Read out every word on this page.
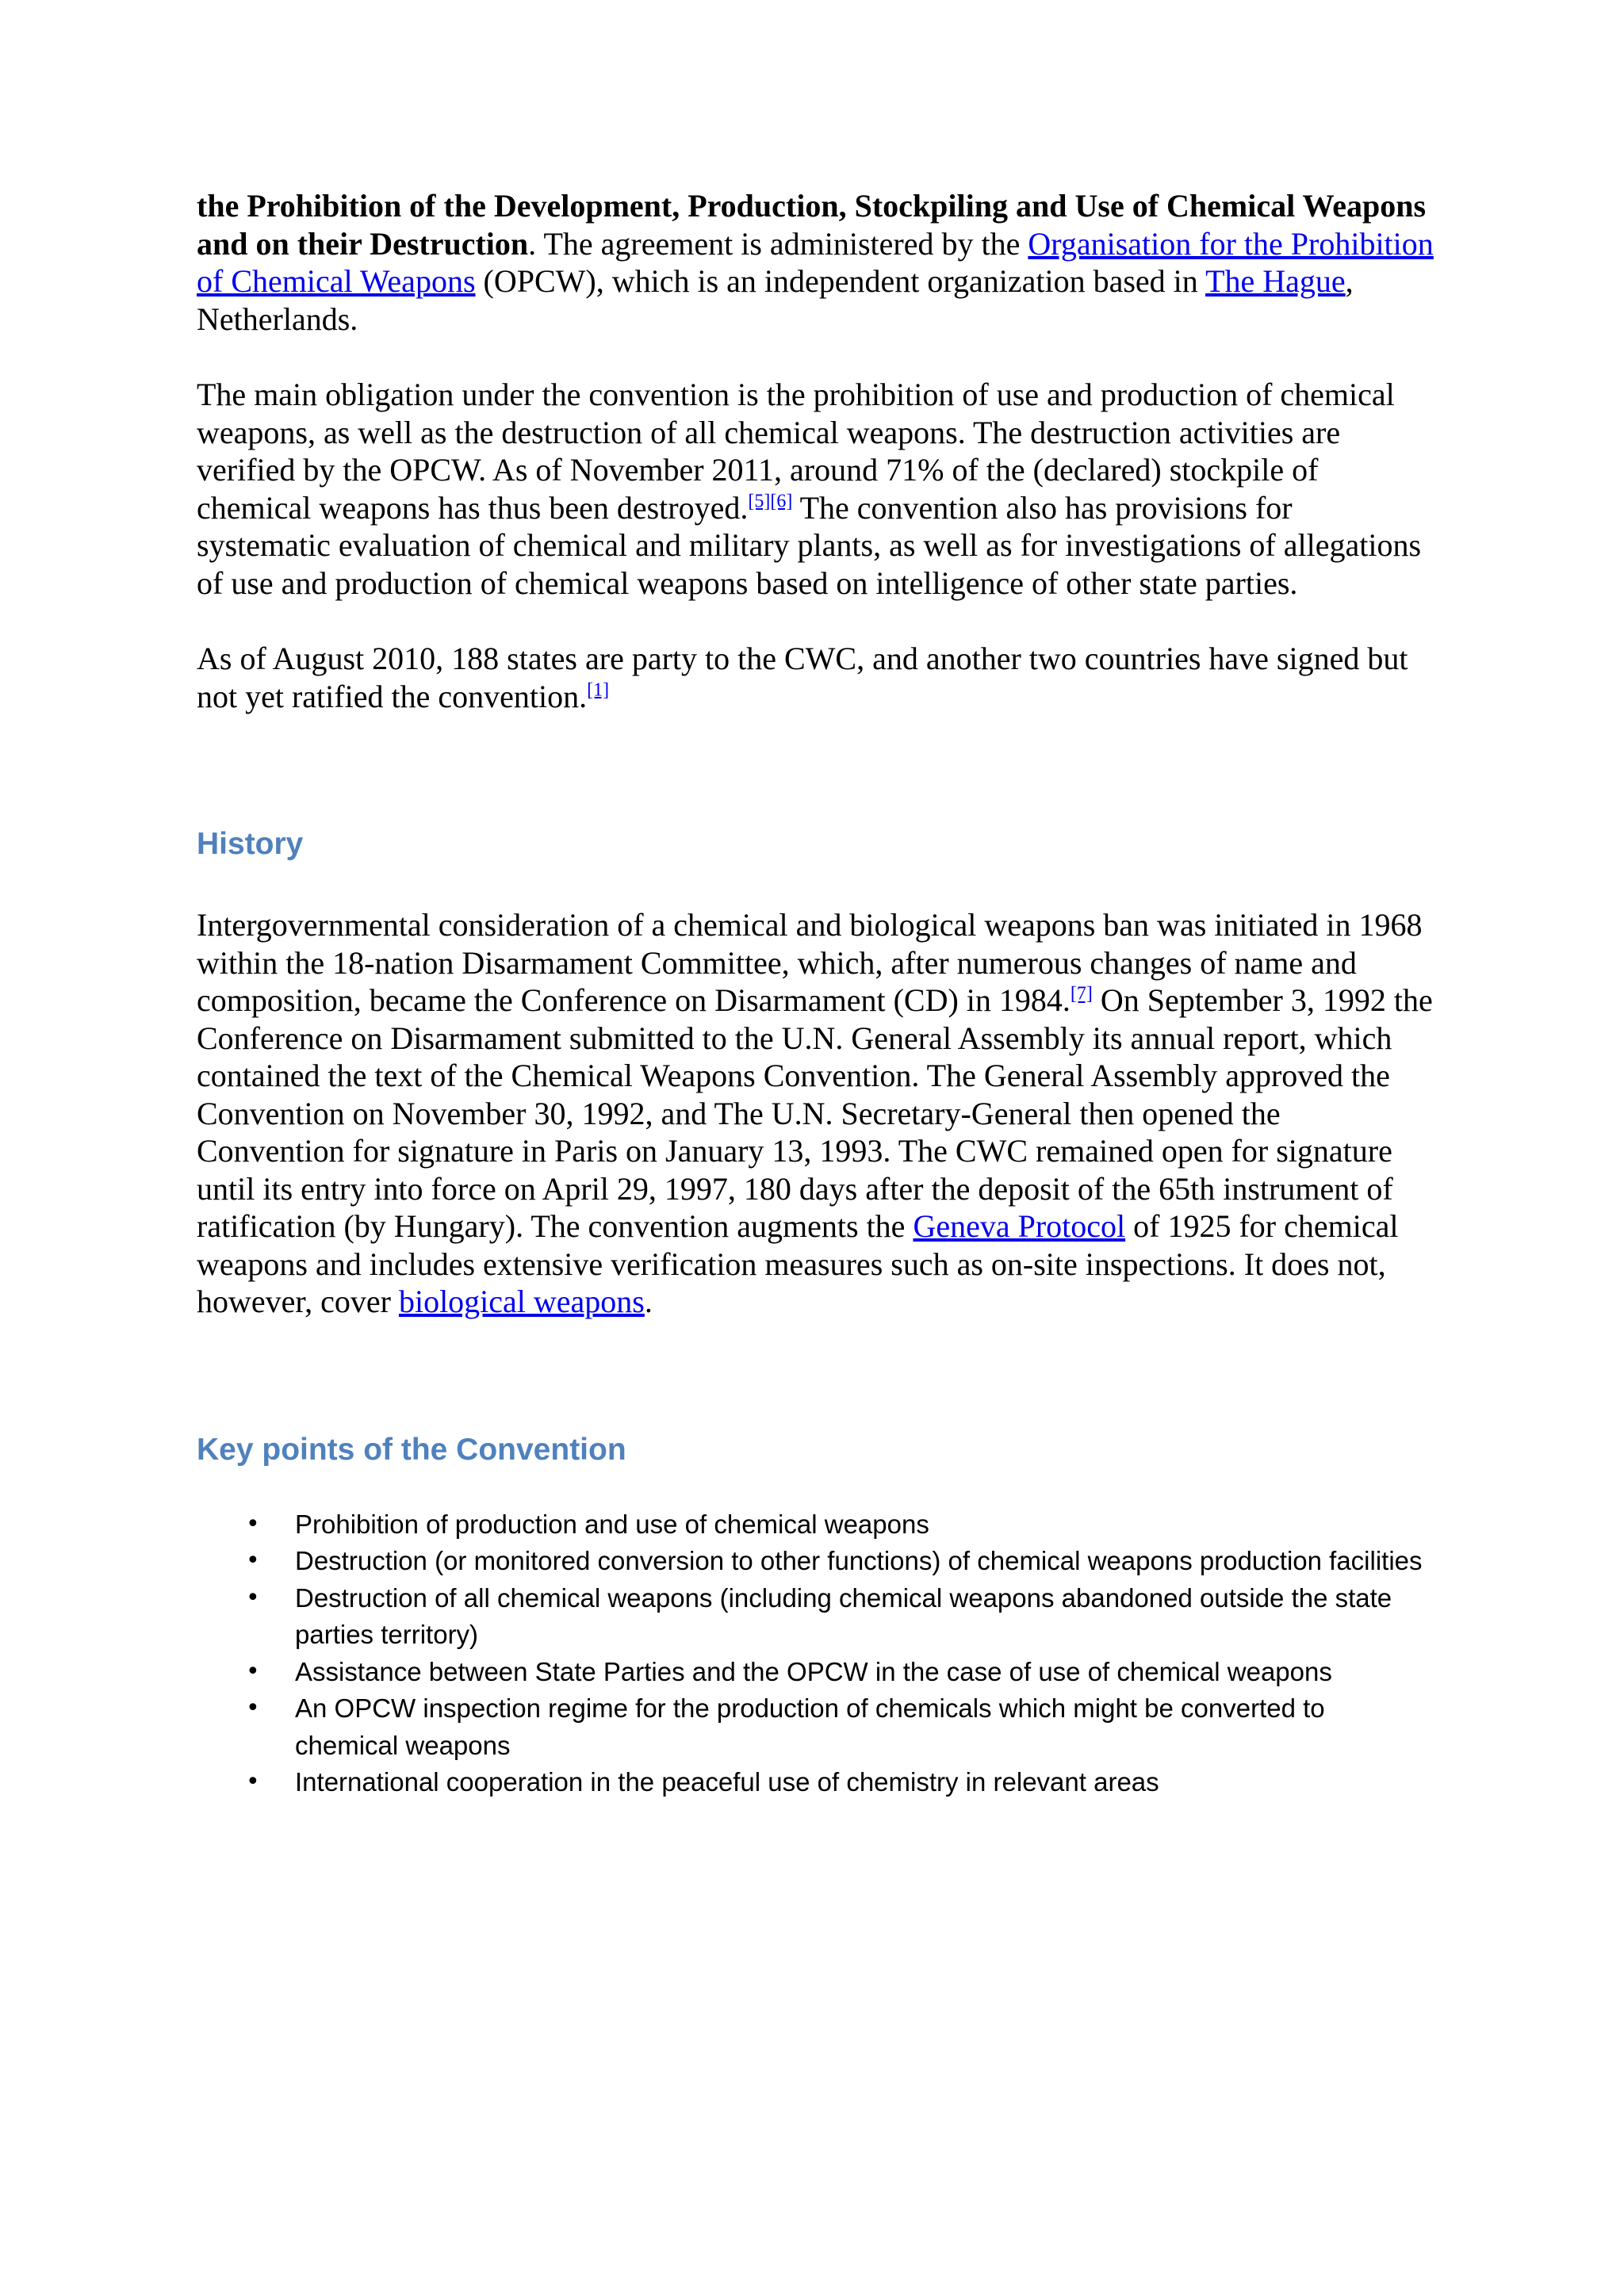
the Prohibition of the Development, Production, Stockpiling and Use of Chemical Weapons and on their Destruction. The agreement is administered by the Organisation for the Prohibition of Chemical Weapons (OPCW), which is an independent organization based in The Hague, Netherlands.

The main obligation under the convention is the prohibition of use and production of chemical weapons, as well as the destruction of all chemical weapons. The destruction activities are verified by the OPCW. As of November 2011, around 71% of the (declared) stockpile of chemical weapons has thus been destroyed.[5][6] The convention also has provisions for systematic evaluation of chemical and military plants, as well as for investigations of allegations of use and production of chemical weapons based on intelligence of other state parties.

As of August 2010, 188 states are party to the CWC, and another two countries have signed but not yet ratified the convention.[1]

History

Intergovernmental consideration of a chemical and biological weapons ban was initiated in 1968 within the 18-nation Disarmament Committee, which, after numerous changes of name and composition, became the Conference on Disarmament (CD) in 1984.[7] On September 3, 1992 the Conference on Disarmament submitted to the U.N. General Assembly its annual report, which contained the text of the Chemical Weapons Convention. The General Assembly approved the Convention on November 30, 1992, and The U.N. Secretary-General then opened the Convention for signature in Paris on January 13, 1993. The CWC remained open for signature until its entry into force on April 29, 1997, 180 days after the deposit of the 65th instrument of ratification (by Hungary). The convention augments the Geneva Protocol of 1925 for chemical weapons and includes extensive verification measures such as on-site inspections. It does not, however, cover biological weapons.

Key points of the Convention
• Prohibition of production and use of chemical weapons
• Destruction (or monitored conversion to other functions) of chemical weapons production facilities
• Destruction of all chemical weapons (including chemical weapons abandoned outside the state parties territory)
• Assistance between State Parties and the OPCW in the case of use of chemical weapons
• An OPCW inspection regime for the production of chemicals which might be converted to chemical weapons
• International cooperation in the peaceful use of chemistry in relevant areas
